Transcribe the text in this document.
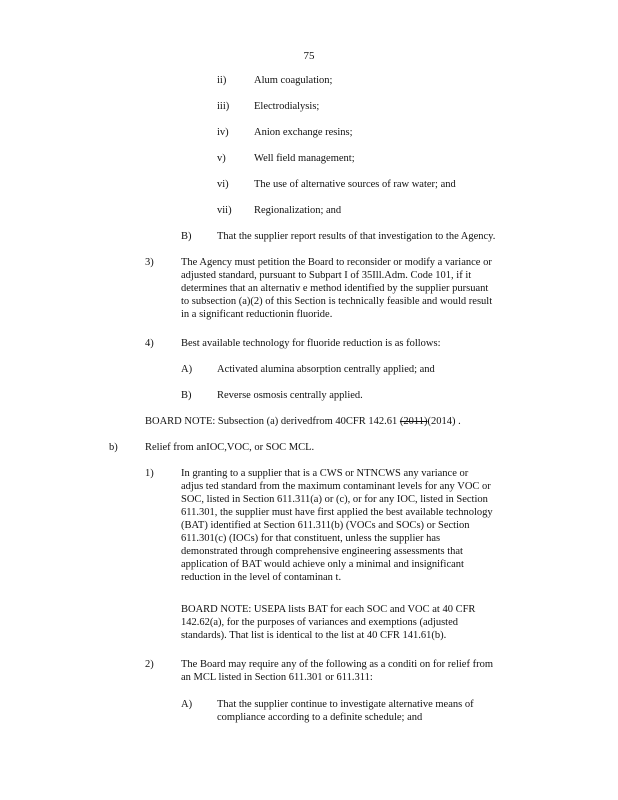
75
ii)	Alum coagulation;
iii) Electrodialysis;
iv) Anion exchange resins;
v)	Well field management;
vi) The use of alternative sources of raw water; and
vii) Regionalization; and
B) That the supplier report results of that investigation to the Agency.
3)	The Agency must petition the Board to reconsider or modify a variance or
adjusted standard, pursuant to Subpart I of 35Ill.Adm. Code 101, if it
determines that an alternativ e method identified by the supplier pursuant
to subsection (a)(2) of this Section is technically feasible and would result
in a significant reductionin fluoride.
4)	Best available technology for fluoride reduction is as follows:
A) Activated alumina absorption centrally applied; and
B) Reverse osmosis centrally applied.
BOARD NOTE: Subsection (a) derivedfrom 40CFR 142.61 (2011)(2014) .
b)	Relief from anIOC,VOC, or SOC MCL.
1)	In granting to a supplier that is a CWS or NTNCWS any variance or
adjus ted standard from the maximum contaminant levels for any VOC or
SOC, listed in Section 611.311(a) or (c), or for any IOC, listed in Section
611.301, the supplier must have first applied the best available technology
(BAT) identified at Section 611.311(b) (VOCs and SOCs) or Section
611.301(c) (IOCs) for that constituent, unless the supplier has
demonstrated through comprehensive engineering assessments that
application of BAT would achieve only a minimal and insignificant
reduction in the level of contaminan t.
BOARD NOTE: USEPA lists BAT for each SOC and VOC at 40 CFR
142.62(a), for the purposes of variances and exemptions (adjusted
standards). That list is identical to the list at 40 CFR 141.61(b).
2)	The Board may require any of the following as a conditi on for relief from
an MCL listed in Section 611.301 or 611.311:
A) That the supplier continue to investigate alternative means of
compliance according to a definite schedule; and
